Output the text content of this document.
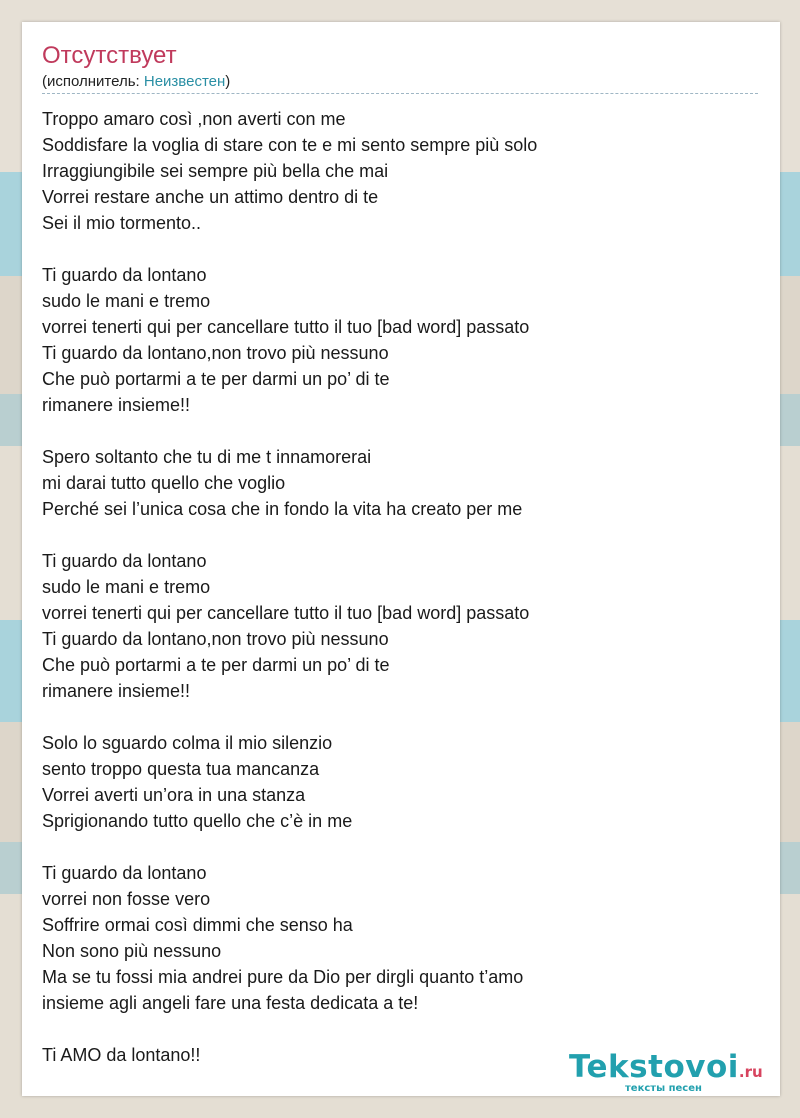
Отсутствует
(исполнитель: Неизвестен)
Troppo amaro così ,non averti con me
Soddisfare la voglia di stare con te e mi sento sempre più solo
Irraggiungibile sei sempre più bella che mai
Vorrei restare anche un attimo dentro di te
Sei il mio tormento..
Ti guardo da lontano
sudo le mani e tremo
vorrei tenerti qui per cancellare tutto il tuo [bad word] passato
Ti guardo da lontano,non trovo più nessuno
Che può portarmi a te per darmi un po’ di te
rimanere insieme!!
Spero soltanto che tu di me t innamorerai
mi darai tutto quello che voglio
Perché sei l’unica cosa che in fondo la vita ha creato per me
Ti guardo da lontano
sudo le mani e tremo
vorrei tenerti qui per cancellare tutto il tuo [bad word] passato
Ti guardo da lontano,non trovo più nessuno
Che può portarmi a te per darmi un po’ di te
rimanere insieme!!
Solo lo sguardo colma il mio silenzio
sento troppo questa tua mancanza
Vorrei averti un’ora in una stanza
Sprigionando tutto quello che c’è in me
Ti guardo da lontano
vorrei non fosse vero
Soffrire ormai così dimmi che senso ha
Non sono più nessuno
Ma se tu fossi mia andrei pure da Dio per dirgli quanto t’amo
insieme agli angeli fare una festa dedicata a te!
Ti AMO da lontano!!	Tekstovoi.ru
тексты песен
